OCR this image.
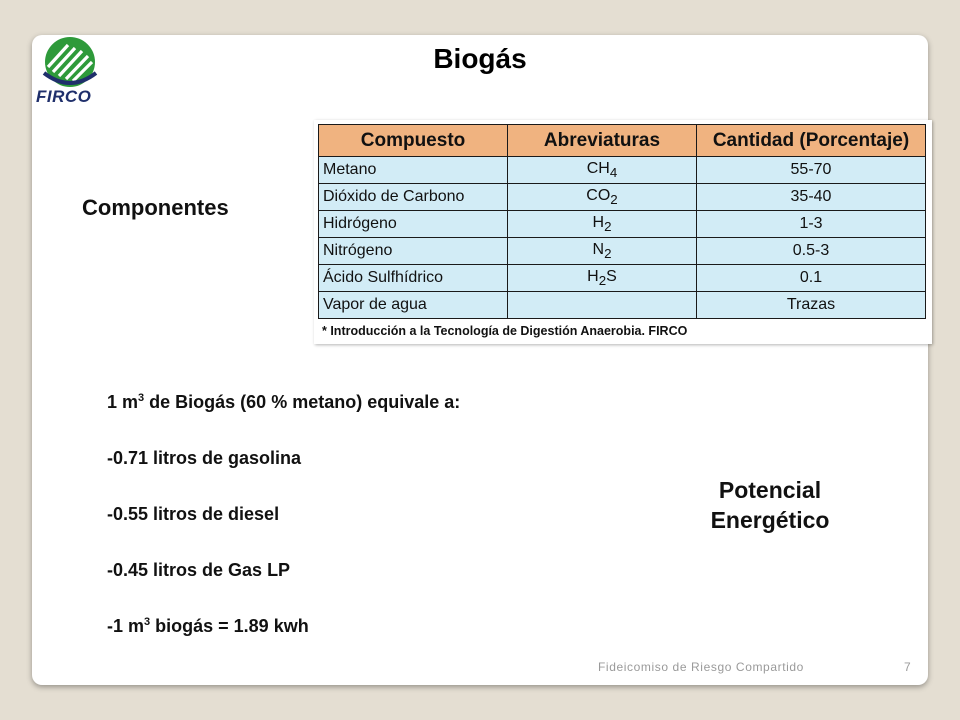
FIRCO
Biogás
Componentes
Compuesto	Abreviaturas	Cantidad (Porcentaje)
Metano	$CH_4$	55-70
Dióxido de Carbono	$CO_2$	35-40
Hidrógeno	$H_2$	1-3
Nitrógeno	$N_2$	0.5-3
Ácido Sulfhídrico	$H_2S$	0.1
Vapor de agua		Trazas
* Introducción a la Tecnología de Digestión Anaerobia. FIRCO
1 $m^3$ de Biogás (60 % metano) equivale a:
-0.71 litros de gasolina
-0.55 litros de diesel
-0.45 litros de Gas LP
-1 $m^3$ biogás = 1.89 kwh
Potencial
Energético
Fideicomiso de Riesgo Compartido	7
